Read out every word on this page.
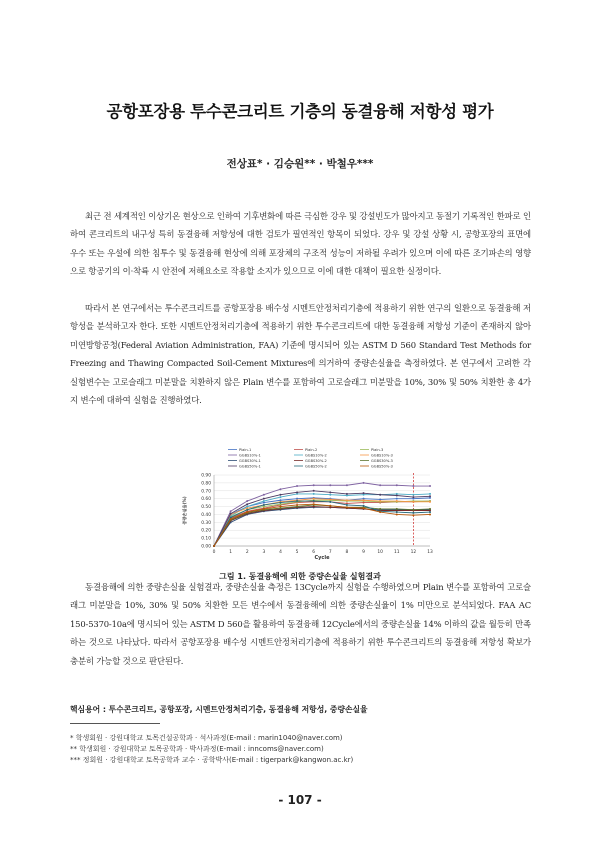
공항포장용 투수콘크리트 기층의 동결융해 저항성 평가
전상표* · 김승원** · 박철우***

최근 전 세계적인 이상기온 현상으로 인하여 기후변화에 따른 극심한 강우 및 강설빈도가 많아지고 동절기 기록적인 한파로 인하여 콘크리트의 내구성 특히 동결융해 저항성에 대한 검토가 필연적인 항목이 되었다. 강우 및 강설 상황 시, 공항포장의 표면에 우수 또는 우설에 의한 침투수 및 동결융해 현상에 의해 포장체의 구조적 성능이 저하될 우려가 있으며 이에 따른 조기파손의 영향으로 항공기의 이·착륙 시 안전에 저해요소로 작용할 소지가 있으므로 이에 대한 대책이 필요한 실정이다.

따라서 본 연구에서는 투수콘크리트를 공항포장용 배수성 시멘트안정처리기층에 적용하기 위한 연구의 일환으로 동결융해 저항성을 분석하고자 한다. 또한 시멘트안정처리기층에 적용하기 위한 투수콘크리트에 대한 동결융해 저항성 기준이 존재하지 않아 미연방항공청(Federal Aviation Administration, FAA) 기준에 명시되어 있는 ASTM D 560 Standard Test Methods for Freezing and Thawing Compacted Soil-Cement Mixtures에 의거하여 중량손실율을 측정하였다. 본 연구에서 고려한 각 실험변수는 고로슬래그 미분말을 치환하지 않은 Plain 변수를 포함하여 고로슬래그 미분말을 10%, 30% 및 50% 치환한 총 4가지 변수에 대하여 실험을 진행하였다.

Plain-1	Plain-2	Plain-3
GGBS10%-1	GGBS10%-2	GGBS10%-3
GGBS30%-1	GGBS30%-2	GGBS30%-3
GGBS50%-1	GGBS50%-2	GGBS50%-3
0.00
0.10
0.20
0.30
0.40
0.50
0.60
0.70
0.80
0.90
0	1	2	3	4	5	6	7	8	9	10	11	12	13
Cycle
중량손실율(%)
그림 1. 동결융해에 의한 중량손실율 실험결과

동결융해에 의한 중량손실율 실험결과, 중량손실율 측정은 13Cycle까지 실험을 수행하였으며 Plain 변수를 포함하여 고로슬래그 미분말을 10%, 30% 및 50% 치환한 모든 변수에서 동결융해에 의한 중량손실율이 1% 미만으로 분석되었다. FAA AC 150-5370-10a에 명시되어 있는 ASTM D 560을 활용하여 동결융해 12Cycle에서의 중량손실율 14% 이하의 값을 월등히 만족하는 것으로 나타났다. 따라서 공항포장용 배수성 시멘트안정처리기층에 적용하기 위한 투수콘크리트의 동결융해 저항성 확보가 충분히 가능할 것으로 판단된다.

핵심용어 : 투수콘크리트, 공항포장, 시멘트안정처리기층, 동결융해 저항성, 중량손실율
* 학생회원 · 강원대학교 토목건설공학과 · 석사과정(E-mail : marin1040@naver.com)
** 학생회원 · 강원대학교 토목공학과 · 박사과정(E-mail : inncoms@naver.com)
*** 정회원 · 강원대학교 토목공학과 교수 · 공학박사(E-mail : tigerpark@kangwon.ac.kr)
- 107 -
